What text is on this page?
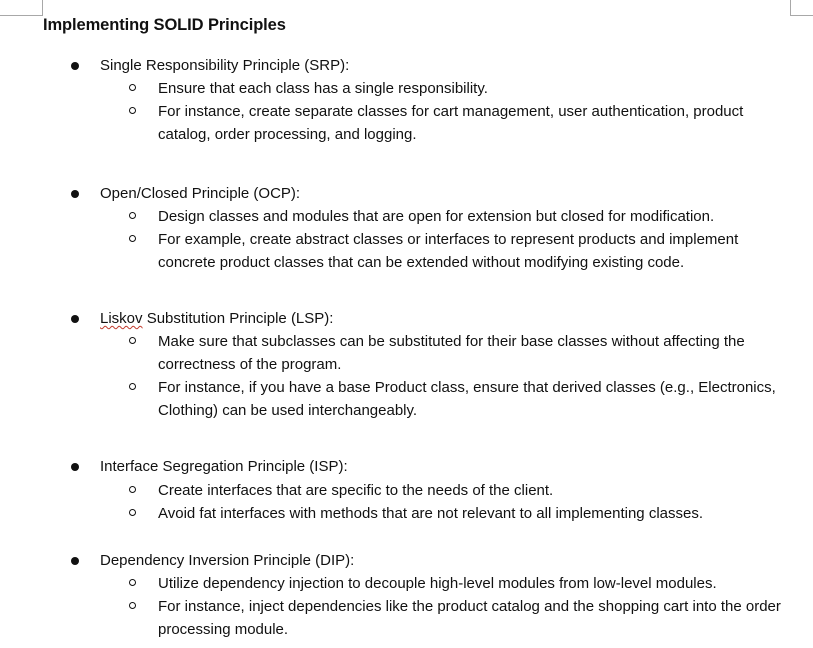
Implementing SOLID Principles
Single Responsibility Principle (SRP):
Ensure that each class has a single responsibility.
For instance, create separate classes for cart management, user authentication, product catalog, order processing, and logging.
Open/Closed Principle (OCP):
Design classes and modules that are open for extension but closed for modification.
For example, create abstract classes or interfaces to represent products and implement concrete product classes that can be extended without modifying existing code.
Liskov Substitution Principle (LSP):
Make sure that subclasses can be substituted for their base classes without affecting the correctness of the program.
For instance, if you have a base Product class, ensure that derived classes (e.g., Electronics, Clothing) can be used interchangeably.
Interface Segregation Principle (ISP):
Create interfaces that are specific to the needs of the client.
Avoid fat interfaces with methods that are not relevant to all implementing classes.
Dependency Inversion Principle (DIP):
Utilize dependency injection to decouple high-level modules from low-level modules.
For instance, inject dependencies like the product catalog and the shopping cart into the order processing module.
